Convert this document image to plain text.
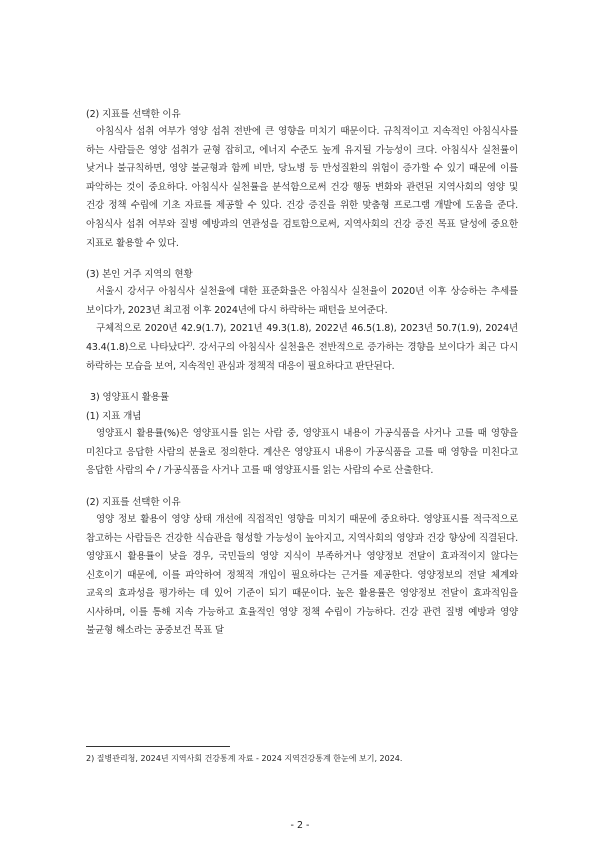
(2) 지표를 선택한 이유

아침식사 섭취 여부가 영양 섭취 전반에 큰 영향을 미치기 때문이다. 규칙적이고 지속적인 아침식사를 하는 사람들은 영양 섭취가 균형 잡히고, 에너지 수준도 높게 유지될 가능성이 크다. 아침식사 실천률이 낮거나 불규칙하면, 영양 불균형과 함께 비만, 당뇨병 등 만성질환의 위험이 증가할 수 있기 때문에 이를 파악하는 것이 중요하다. 아침식사 실천률을 분석함으로써 건강 행동 변화와 관련된 지역사회의 영양 및 건강 정책 수립에 기초 자료를 제공할 수 있다. 건강 증진을 위한 맞춤형 프로그램 개발에 도움을 준다. 아침식사 섭취 여부와 질병 예방과의 연관성을 검토함으로써, 지역사회의 건강 증진 목표 달성에 중요한 지표로 활용할 수 있다.

(3) 본인 거주 지역의 현황

서울시 강서구 아침식사 실천율에 대한 표준화율은 아침식사 실천율이 2020년 이후 상승하는 추세를 보이다가, 2023년 최고점 이후 2024년에 다시 하락하는 패턴을 보여준다.

구체적으로 2020년 42.9(1.7), 2021년 49.3(1.8), 2022년 46.5(1.8), 2023년 50.7(1.9), 2024년 43.4(1.8)으로 나타났다$^{2)}$. 강서구의 아침식사 실천율은 전반적으로 증가하는 경향을 보이다가 최근 다시 하락하는 모습을 보여, 지속적인 관심과 정책적 대응이 필요하다고 판단된다.

3) 영양표시 활용률

(1) 지표 개념

영양표시 활용률(%)은 영양표시를 읽는 사람 중, 영양표시 내용이 가공식품을 사거나 고를 때 영향을 미친다고 응답한 사람의 분율로 정의한다. 계산은 영양표시 내용이 가공식품을 고를 때 영향을 미친다고 응답한 사람의 수 / 가공식품을 사거나 고를 때 영양표시를 읽는 사람의 수로 산출한다.

(2) 지표를 선택한 이유

영양 정보 활용이 영양 상태 개선에 직접적인 영향을 미치기 때문에 중요하다. 영양표시를 적극적으로 참고하는 사람들은 건강한 식습관을 형성할 가능성이 높아지고, 지역사회의 영양과 건강 향상에 직결된다. 영양표시 활용률이 낮을 경우, 국민들의 영양 지식이 부족하거나 영양정보 전달이 효과적이지 않다는 신호이기 때문에, 이를 파악하여 정책적 개입이 필요하다는 근거를 제공한다. 영양정보의 전달 체계와 교육의 효과성을 평가하는 데 있어 기준이 되기 때문이다. 높은 활용률은 영양정보 전달이 효과적임을 시사하며, 이를 통해 지속 가능하고 효율적인 영양 정책 수립이 가능하다. 건강 관련 질병 예방과 영양 불균형 해소라는 공중보건 목표 달

2) 질병관리청, 2024년 지역사회 건강통계 자료 - 2024 지역건강통계 한눈에 보기, 2024.

- 2 -
